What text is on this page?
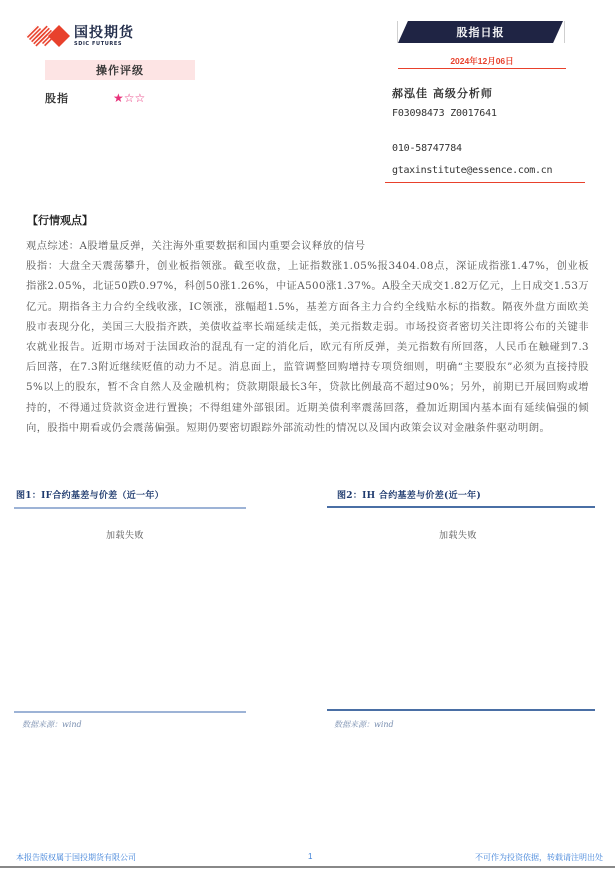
国投期货
SDIC FUTURES
操作评级
股指	★☆☆
股指日报
2024年12月06日
郝泓佳 高级分析师
F03098473 Z0017641
010-58747784
gtaxinstitute@essence.com.cn
【行情观点】

观点综述：A股增量反弹，关注海外重要数据和国内重要会议释放的信号

股指：大盘全天震荡攀升，创业板指领涨。截至收盘，上证指数涨1.05%报3404.08点，深证成指涨1.47%，创业板指涨2.05%，北证50跌0.97%，科创50涨1.26%，中证A500涨1.37%。A股全天成交1.82万亿元，上日成交1.53万亿元。期指各主力合约全线收涨，IC领涨，涨幅超1.5%，基差方面各主力合约全线贴水标的指数。隔夜外盘方面欧美股市表现分化，美国三大股指齐跌，美债收益率长端延续走低，美元指数走弱。市场投资者密切关注即将公布的关键非农就业报告。近期市场对于法国政治的混乱有一定的消化后，欧元有所反弹，美元指数有所回落，人民币在触碰到7.3后回落，在7.3附近继续贬值的动力不足。消息面上，监管调整回购增持专项贷细则，明确“主要股东”必须为直接持股5%以上的股东，暂不含自然人及金融机构；贷款期限最长3年，贷款比例最高不超过90%；另外，前期已开展回购或增持的，不得通过贷款资金进行置换；不得组建外部银团。近期美债利率震荡回落，叠加近期国内基本面有延续偏强的倾向，股指中期看或仍会震荡偏强。短期仍要密切跟踪外部流动性的情况以及国内政策会议对金融条件驱动明朗。

图1：IF合约基差与价差（近一年）
加载失败
数据来源：wind
图2：IH 合约基差与价差(近一年)
加载失败
数据来源：wind
本报告版权属于国投期货有限公司	1	不可作为投资依据，转载请注明出处
